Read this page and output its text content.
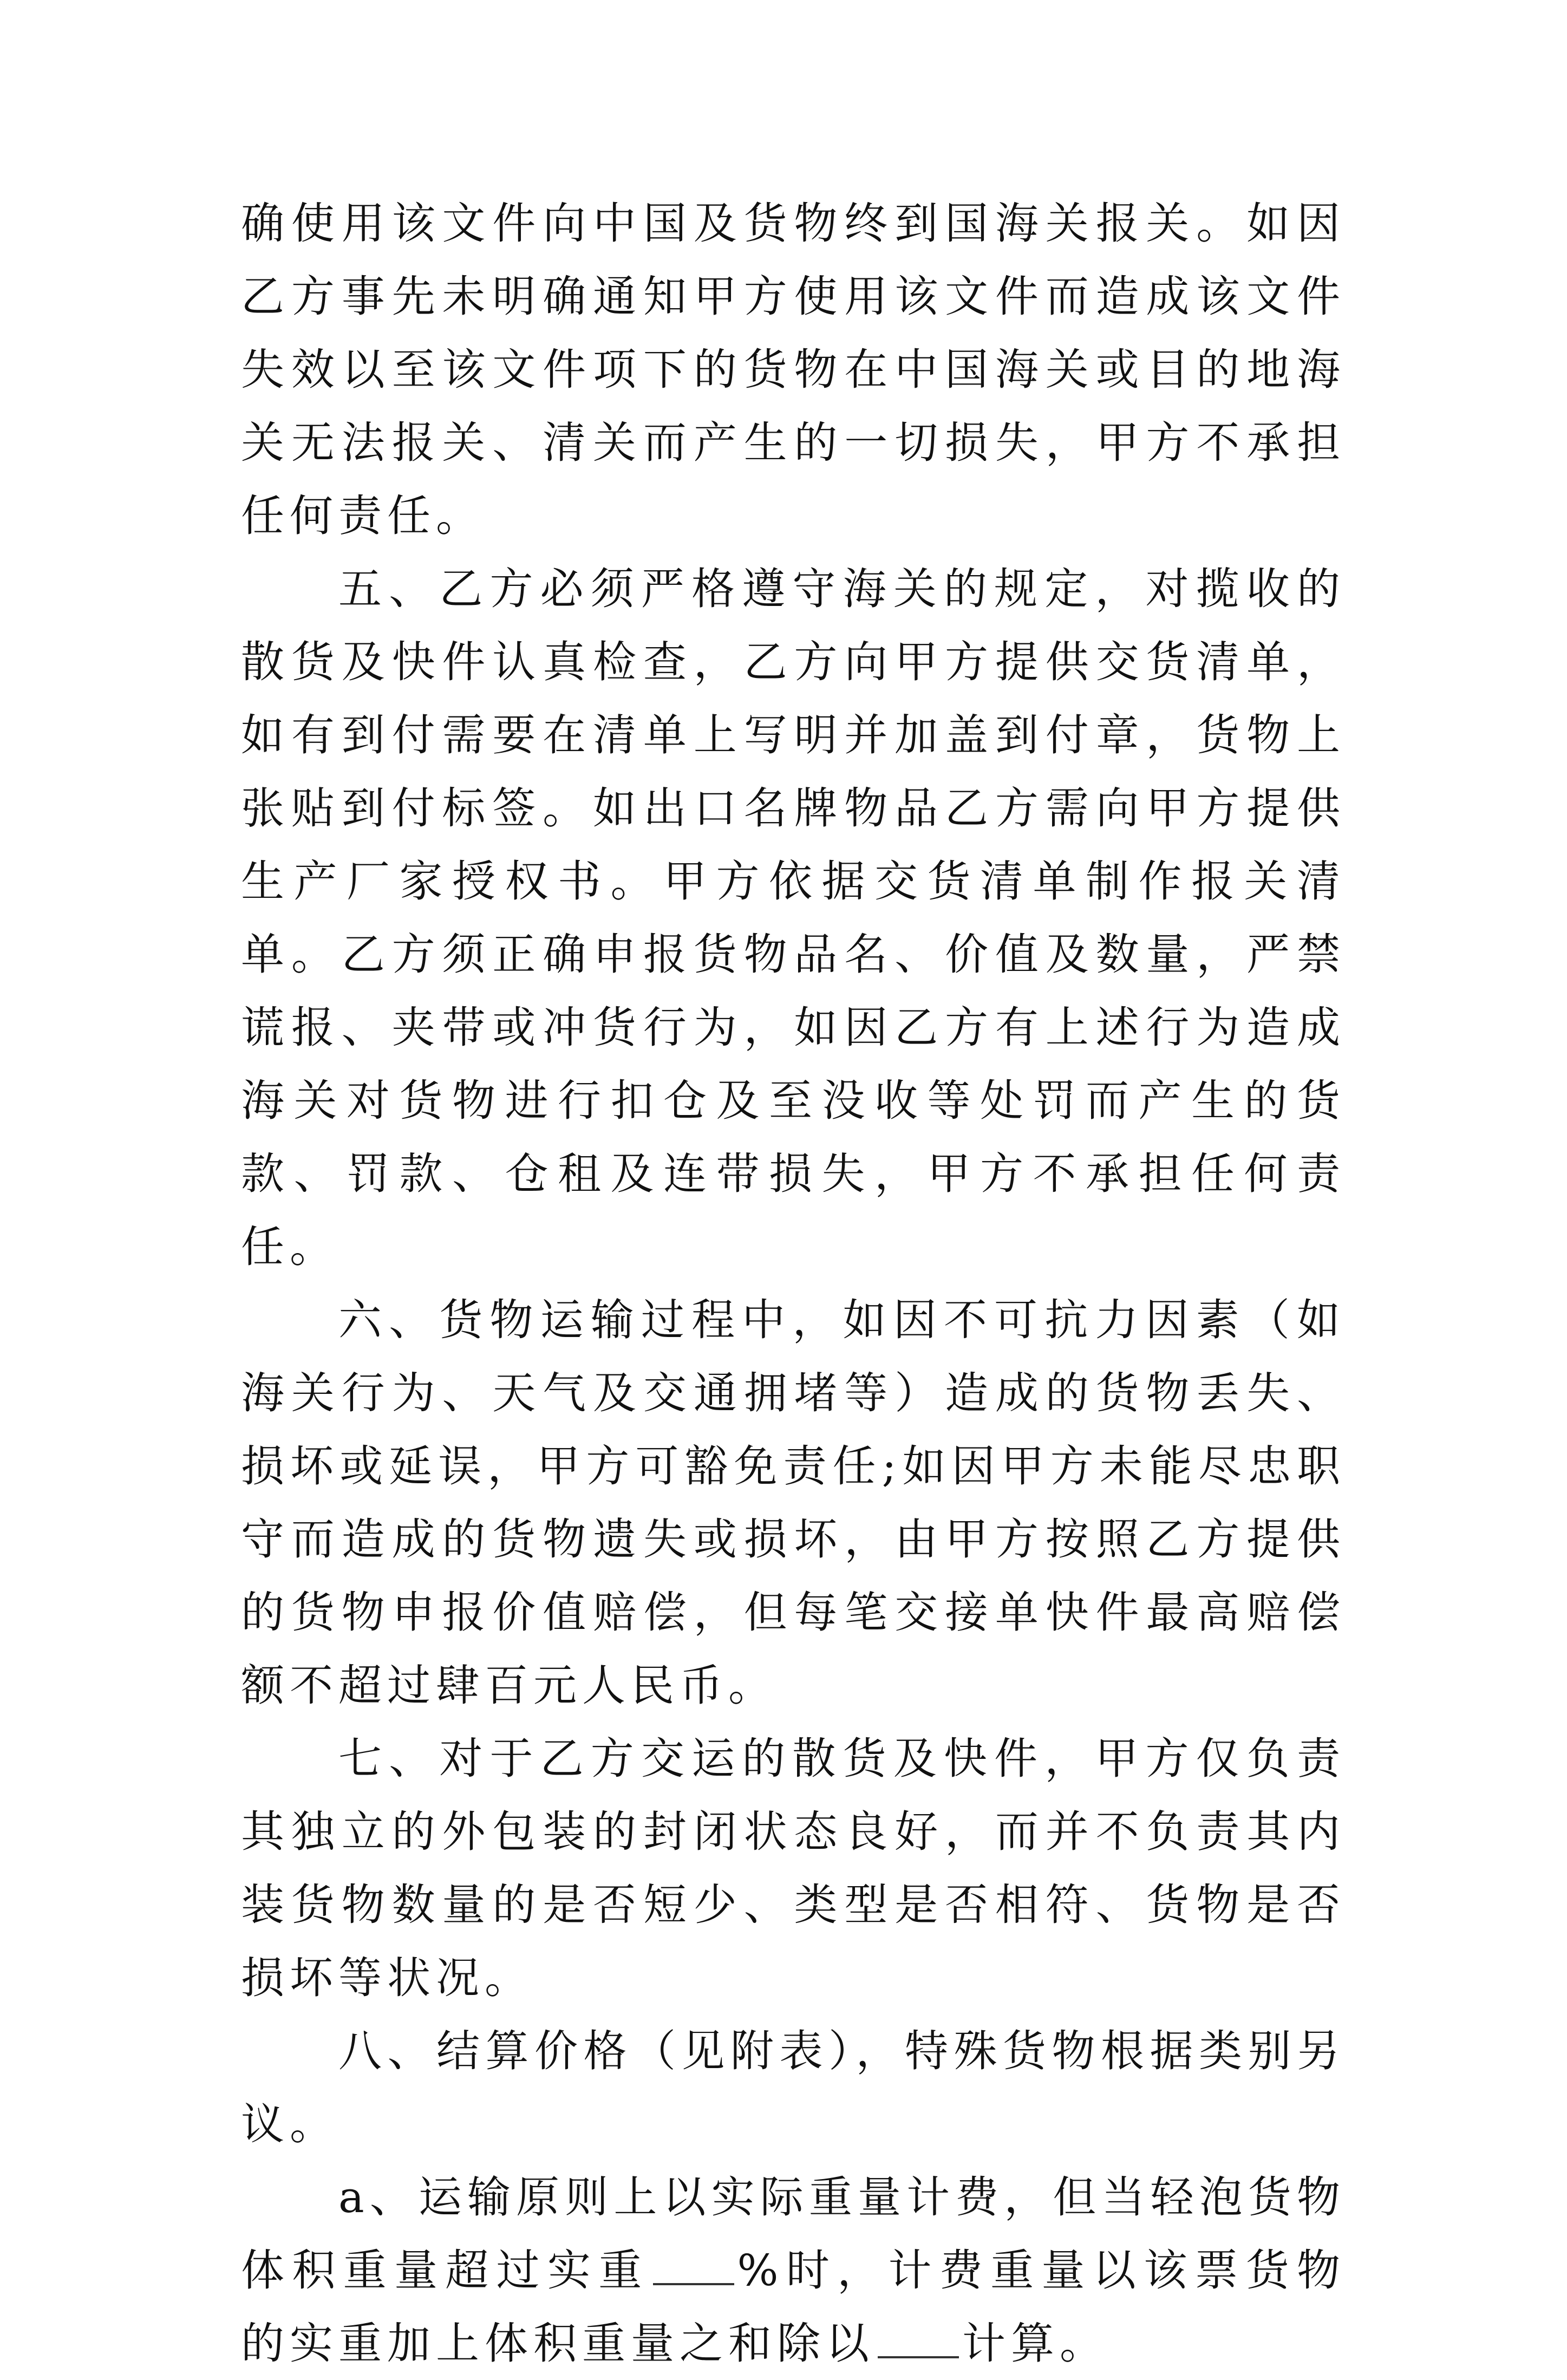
确使用该文件向中国及货物终到国海关报关。如因乙方事先未明确通知甲方使用该文件而造成该文件失效以至该文件项下的货物在中国海关或目的地海关无法报关、清关而产生的一切损失，甲方不承担任何责任。

五、乙方必须严格遵守海关的规定，对揽收的散货及快件认真检查，乙方向甲方提供交货清单，如有到付需要在清单上写明并加盖到付章，货物上张贴到付标签。如出口名牌物品乙方需向甲方提供生产厂家授权书。甲方依据交货清单制作报关清单。乙方须正确申报货物品名、价值及数量，严禁谎报、夹带或冲货行为，如因乙方有上述行为造成海关对货物进行扣仓及至没收等处罚而产生的货款、罚款、仓租及连带损失，甲方不承担任何责任。

六、货物运输过程中，如因不可抗力因素（如海关行为、天气及交通拥堵等）造成的货物丢失、损坏或延误，甲方可豁免责任;如因甲方未能尽忠职守而造成的货物遗失或损坏，由甲方按照乙方提供的货物申报价值赔偿，但每笔交接单快件最高赔偿额不超过肆百元人民币。

七、对于乙方交运的散货及快件，甲方仅负责其独立的外包装的封闭状态良好，而并不负责其内装货物数量的是否短少、类型是否相符、货物是否损坏等状况。

八、结算价格（见附表），特殊货物根据类别另议。

a、运输原则上以实际重量计费，但当轻泡货物体积重量超过实重 %时，计费重量以该票货物的实重加上体积重量之和除以 计算。
